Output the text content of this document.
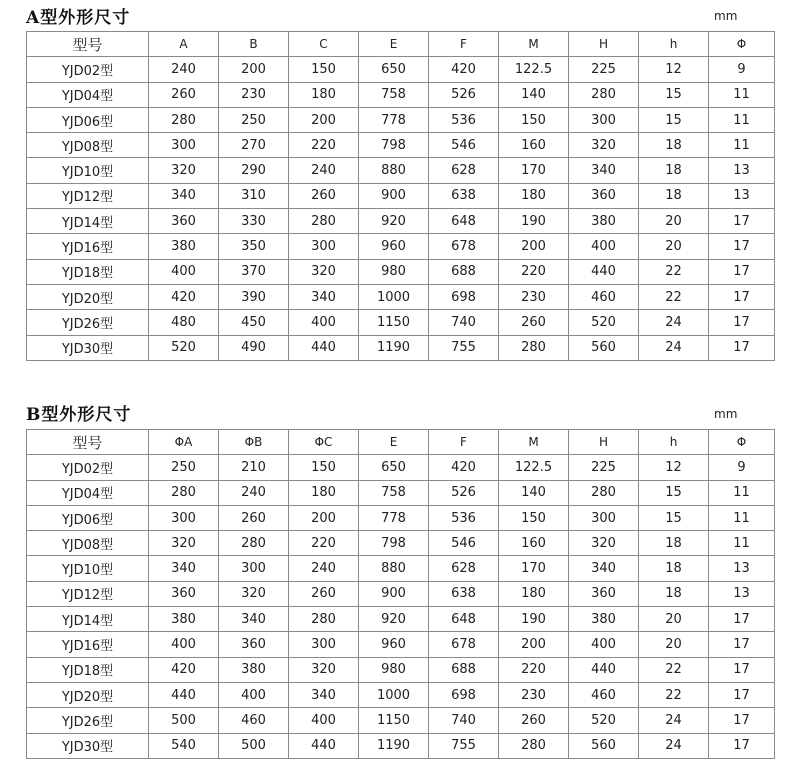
A型外形尺寸	mm
型号	A	B	C	E	F	M	H	h	Φ
YJD02型	240	200	150	650	420	122.5	225	12	9
YJD04型	260	230	180	758	526	140	280	15	11
YJD06型	280	250	200	778	536	150	300	15	11
YJD08型	300	270	220	798	546	160	320	18	11
YJD10型	320	290	240	880	628	170	340	18	13
YJD12型	340	310	260	900	638	180	360	18	13
YJD14型	360	330	280	920	648	190	380	20	17
YJD16型	380	350	300	960	678	200	400	20	17
YJD18型	400	370	320	980	688	220	440	22	17
YJD20型	420	390	340	1000	698	230	460	22	17
YJD26型	480	450	400	1150	740	260	520	24	17
YJD30型	520	490	440	1190	755	280	560	24	17
B型外形尺寸	mm
型号	ΦA	ΦB	ΦC	E	F	M	H	h	Φ
YJD02型	250	210	150	650	420	122.5	225	12	9
YJD04型	280	240	180	758	526	140	280	15	11
YJD06型	300	260	200	778	536	150	300	15	11
YJD08型	320	280	220	798	546	160	320	18	11
YJD10型	340	300	240	880	628	170	340	18	13
YJD12型	360	320	260	900	638	180	360	18	13
YJD14型	380	340	280	920	648	190	380	20	17
YJD16型	400	360	300	960	678	200	400	20	17
YJD18型	420	380	320	980	688	220	440	22	17
YJD20型	440	400	340	1000	698	230	460	22	17
YJD26型	500	460	400	1150	740	260	520	24	17
YJD30型	540	500	440	1190	755	280	560	24	17
